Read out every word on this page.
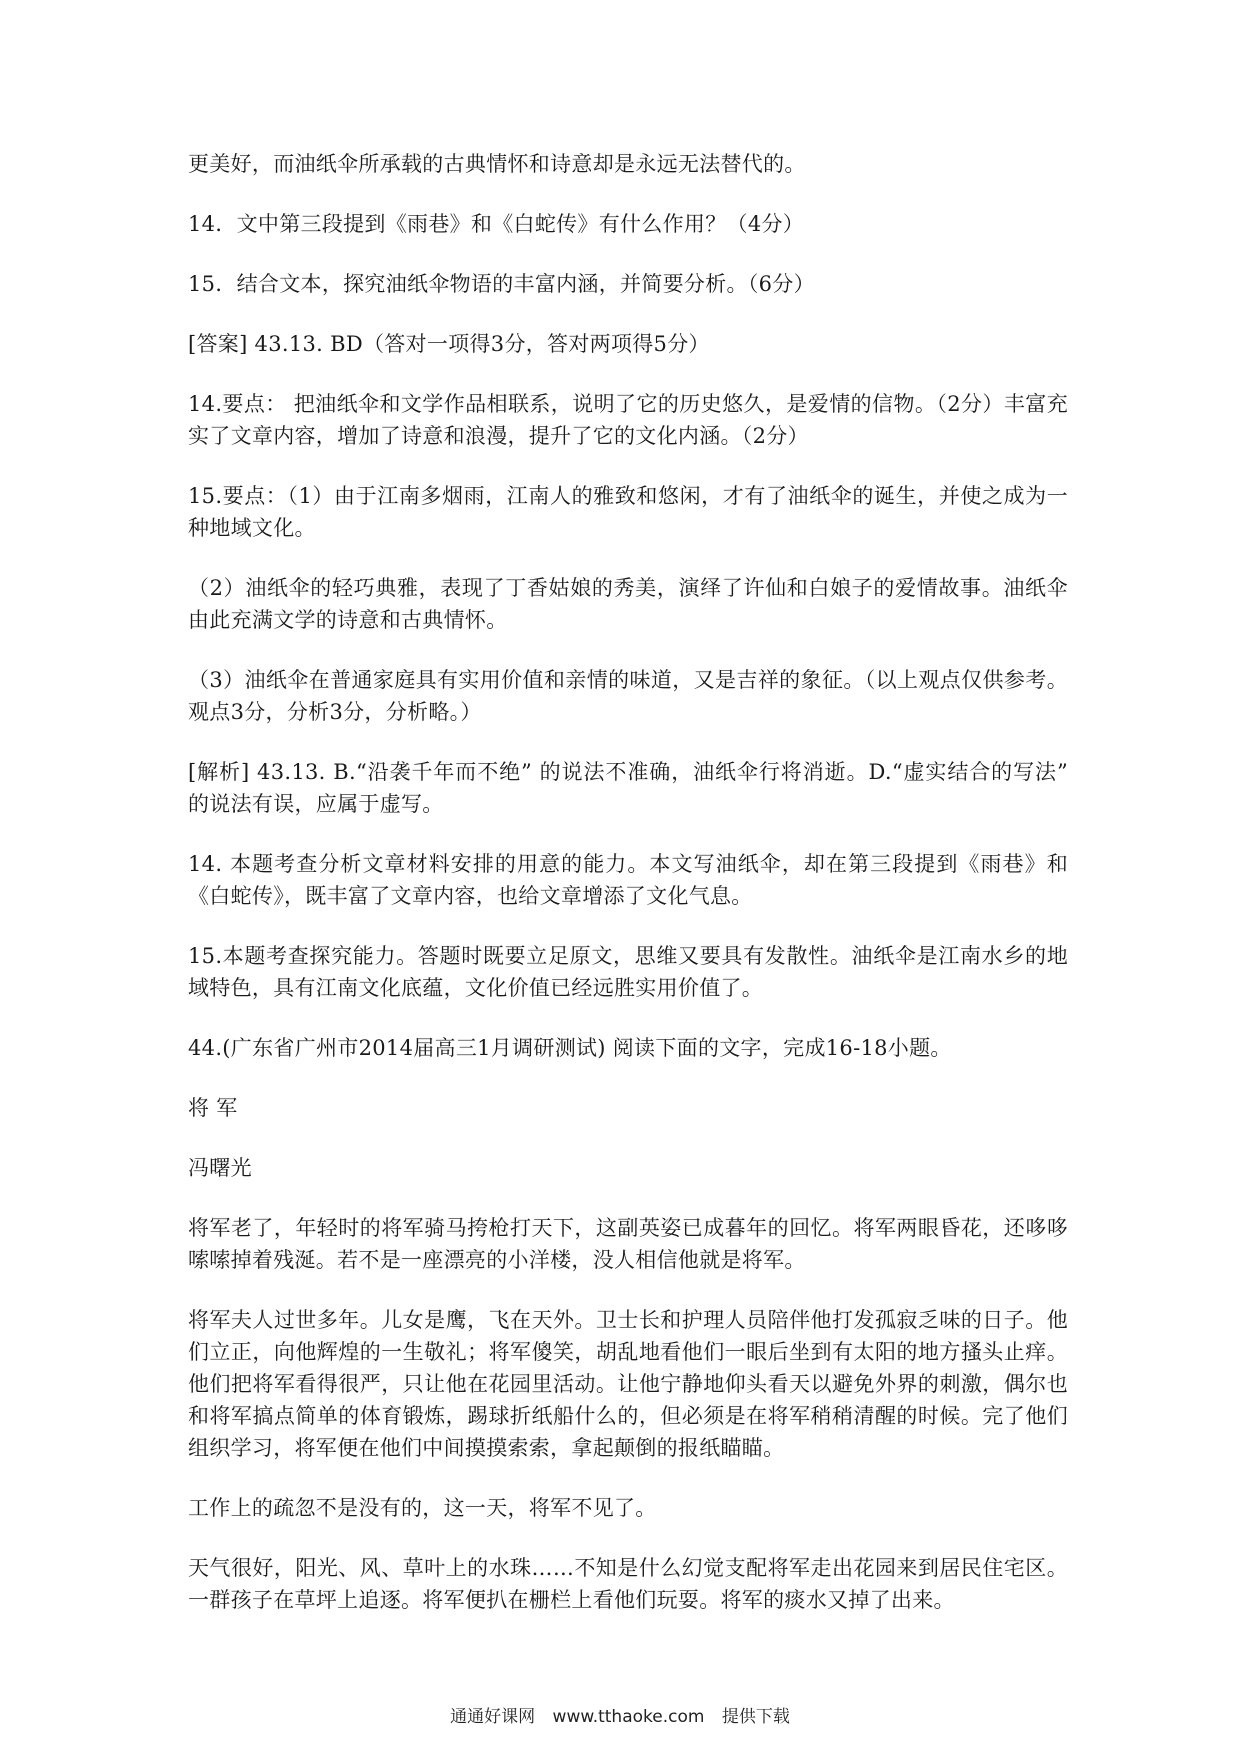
更美好，而油纸伞所承载的古典情怀和诗意却是永远无法替代的。

14．文中第三段提到《雨巷》和《白蛇传》有什么作用？（4分）

15．结合文本，探究油纸伞物语的丰富内涵，并简要分析。（6分）

[答案] 43.13. BD（答对一项得3分，答对两项得5分）

14.要点： 把油纸伞和文学作品相联系，说明了它的历史悠久，是爱情的信物。（2分）丰富充实了文章内容，增加了诗意和浪漫，提升了它的文化内涵。（2分）

15.要点：（1）由于江南多烟雨，江南人的雅致和悠闲，才有了油纸伞的诞生，并使之成为一种地域文化。

（2）油纸伞的轻巧典雅，表现了丁香姑娘的秀美，演绎了许仙和白娘子的爱情故事。油纸伞由此充满文学的诗意和古典情怀。

（3）油纸伞在普通家庭具有实用价值和亲情的味道，又是吉祥的象征。（以上观点仅供参考。观点3分，分析3分，分析略。）

[解析] 43.13. B.“沿袭千年而不绝” 的说法不准确，油纸伞行将消逝。D.“虚实结合的写法” 的说法有误，应属于虚写。

14. 本题考查分析文章材料安排的用意的能力。本文写油纸伞，却在第三段提到《雨巷》和《白蛇传》，既丰富了文章内容，也给文章增添了文化气息。

15.本题考查探究能力。答题时既要立足原文，思维又要具有发散性。油纸伞是江南水乡的地域特色，具有江南文化底蕴，文化价值已经远胜实用价值了。

44.(广东省广州市2014届高三1月调研测试) 阅读下面的文字，完成16-18小题。

将 军

冯曙光

将军老了，年轻时的将军骑马挎枪打天下，这副英姿已成暮年的回忆。将军两眼昏花，还哆哆嗦嗦掉着残涎。若不是一座漂亮的小洋楼，没人相信他就是将军。

将军夫人过世多年。儿女是鹰，飞在天外。卫士长和护理人员陪伴他打发孤寂乏味的日子。他们立正，向他辉煌的一生敬礼；将军傻笑，胡乱地看他们一眼后坐到有太阳的地方搔头止痒。他们把将军看得很严，只让他在花园里活动。让他宁静地仰头看天以避免外界的刺激，偶尔也和将军搞点简单的体育锻炼，踢球折纸船什么的，但必须是在将军稍稍清醒的时候。完了他们组织学习，将军便在他们中间摸摸索索，拿起颠倒的报纸瞄瞄。

工作上的疏忽不是没有的，这一天，将军不见了。

天气很好，阳光、风、草叶上的水珠……不知是什么幻觉支配将军走出花园来到居民住宅区。一群孩子在草坪上追逐。将军便扒在栅栏上看他们玩耍。将军的痰水又掉了出来。

通通好课网 www.tthaoke.com 提供下载
